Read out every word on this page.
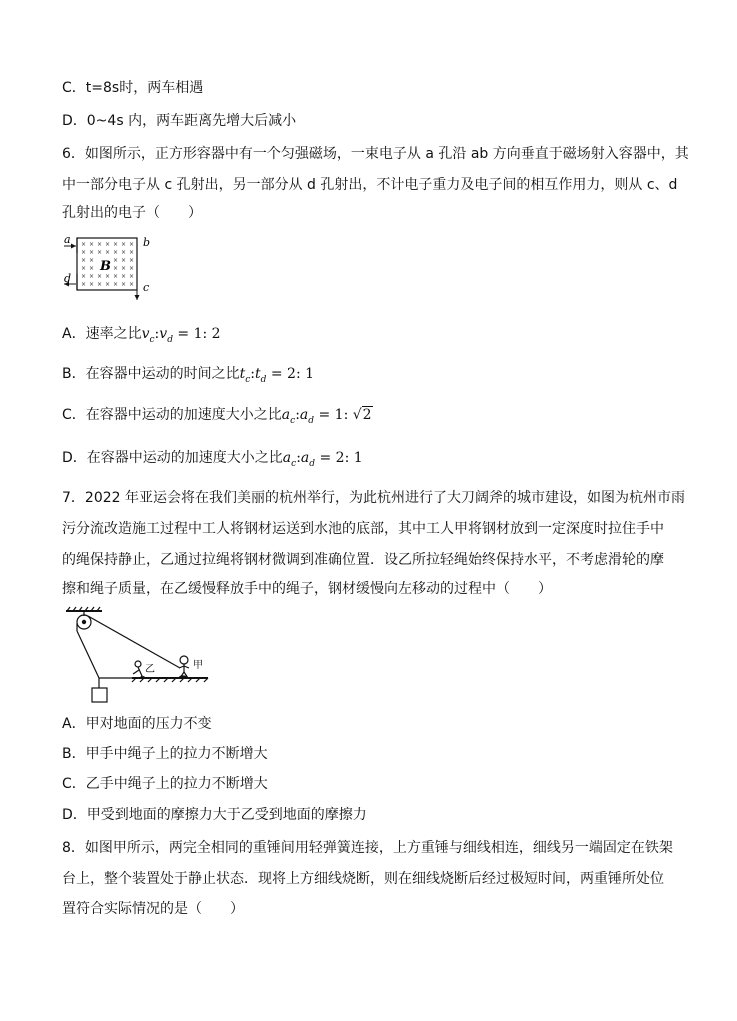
C．t=8s时，两车相遇
D．0~4s 内，两车距离先增大后减小
6．如图所示，正方形容器中有一个匀强磁场，一束电子从 a 孔沿 ab 方向垂直于磁场射入容器中，其
中一部分电子从 c 孔射出，另一部分从 d 孔射出，不计电子重力及电子间的相互作用力，则从 c、d
孔射出的电子（　　）
× × × × × × ×
× × × × × × ×
× ×	× × ×
× ×	× × ×
× × × × × × ×
× × × × × × ×
a	b
c
d
B
A．速率之比$v_c:v_d = 1$: 2
B．在容器中运动的时间之比$t_c:t_d = 2$: 1
C．在容器中运动的加速度大小之比$a_c:a_d = 1$: √2
D．在容器中运动的加速度大小之比$a_c:a_d = 2$: 1
7．2022 年亚运会将在我们美丽的杭州举行，为此杭州进行了大刀阔斧的城市建设，如图为杭州市雨
污分流改造施工过程中工人将钢材运送到水池的底部，其中工人甲将钢材放到一定深度时拉住手中
的绳保持静止，乙通过拉绳将钢材微调到准确位置．设乙所拉轻绳始终保持水平，不考虑滑轮的摩
擦和绳子质量，在乙缓慢释放手中的绳子，钢材缓慢向左移动的过程中（　　）
乙	甲
A．甲对地面的压力不变
B．甲手中绳子上的拉力不断增大
C．乙手中绳子上的拉力不断增大
D．甲受到地面的摩擦力大于乙受到地面的摩擦力
8．如图甲所示，两完全相同的重锤间用轻弹簧连接，上方重锤与细线相连，细线另一端固定在铁架
台上，整个装置处于静止状态．现将上方细线烧断，则在细线烧断后经过极短时间，两重锤所处位
置符合实际情况的是（　　）
